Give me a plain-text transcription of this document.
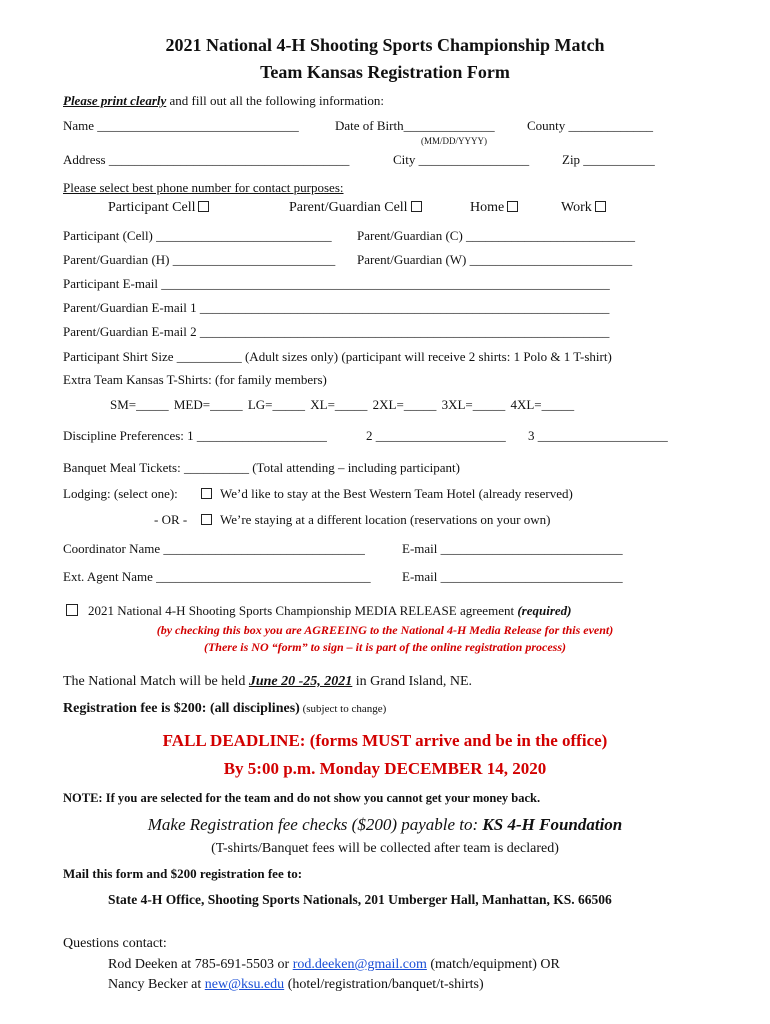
2021 National 4-H Shooting Sports Championship Match
Team Kansas Registration Form
Please print clearly and fill out all the following information:
Name _______________________________	Date of Birth______________ County _____________
(MM/DD/YYYY)
Address _____________________________________	City _________________	Zip ___________
Please select best phone number for contact purposes:
Participant Cell	Parent/Guardian Cell	Home	Work
Participant (Cell) ___________________________ Parent/Guardian (C) __________________________
Parent/Guardian (H) _________________________ Parent/Guardian (W) _________________________
Participant E-mail _____________________________________________________________________
Parent/Guardian E-mail 1 _______________________________________________________________
Parent/Guardian E-mail 2 _______________________________________________________________
Participant Shirt Size __________ (Adult sizes only) (participant will receive 2 shirts: 1 Polo & 1 T-shirt)
Extra Team Kansas T-Shirts: (for family members)
SM=_____ MED=_____ LG=_____ XL=_____ 2XL=_____ 3XL=_____ 4XL=_____
Discipline Preferences: 1 ____________________	2 ____________________ 3 ____________________
Banquet Meal Tickets: __________ (Total attending – including participant)
Lodging: (select one):	We’d like to stay at the Best Western Team Hotel (already reserved)
- OR -	We’re staying at a different location (reservations on your own)
Coordinator Name _______________________________	E-mail ____________________________
Ext. Agent Name _________________________________ E-mail ____________________________
2021 National 4-H Shooting Sports Championship MEDIA RELEASE agreement (required)
(by checking this box you are AGREEING to the National 4-H Media Release for this event)
(There is NO “form” to sign – it is part of the online registration process)
The National Match will be held June 20 -25, 2021 in Grand Island, NE.
Registration fee is $200: (all disciplines) (subject to change)
FALL DEADLINE: (forms MUST arrive and be in the office)
By 5:00 p.m. Monday DECEMBER 14, 2020
NOTE: If you are selected for the team and do not show you cannot get your money back.
Make Registration fee checks ($200) payable to: KS 4-H Foundation
(T-shirts/Banquet fees will be collected after team is declared)
Mail this form and $200 registration fee to:
State 4-H Office, Shooting Sports Nationals, 201 Umberger Hall, Manhattan, KS. 66506
Questions contact:
Rod Deeken at 785-691-5503 or rod.deeken@gmail.com (match/equipment) OR
Nancy Becker at new@ksu.edu (hotel/registration/banquet/t-shirts)
